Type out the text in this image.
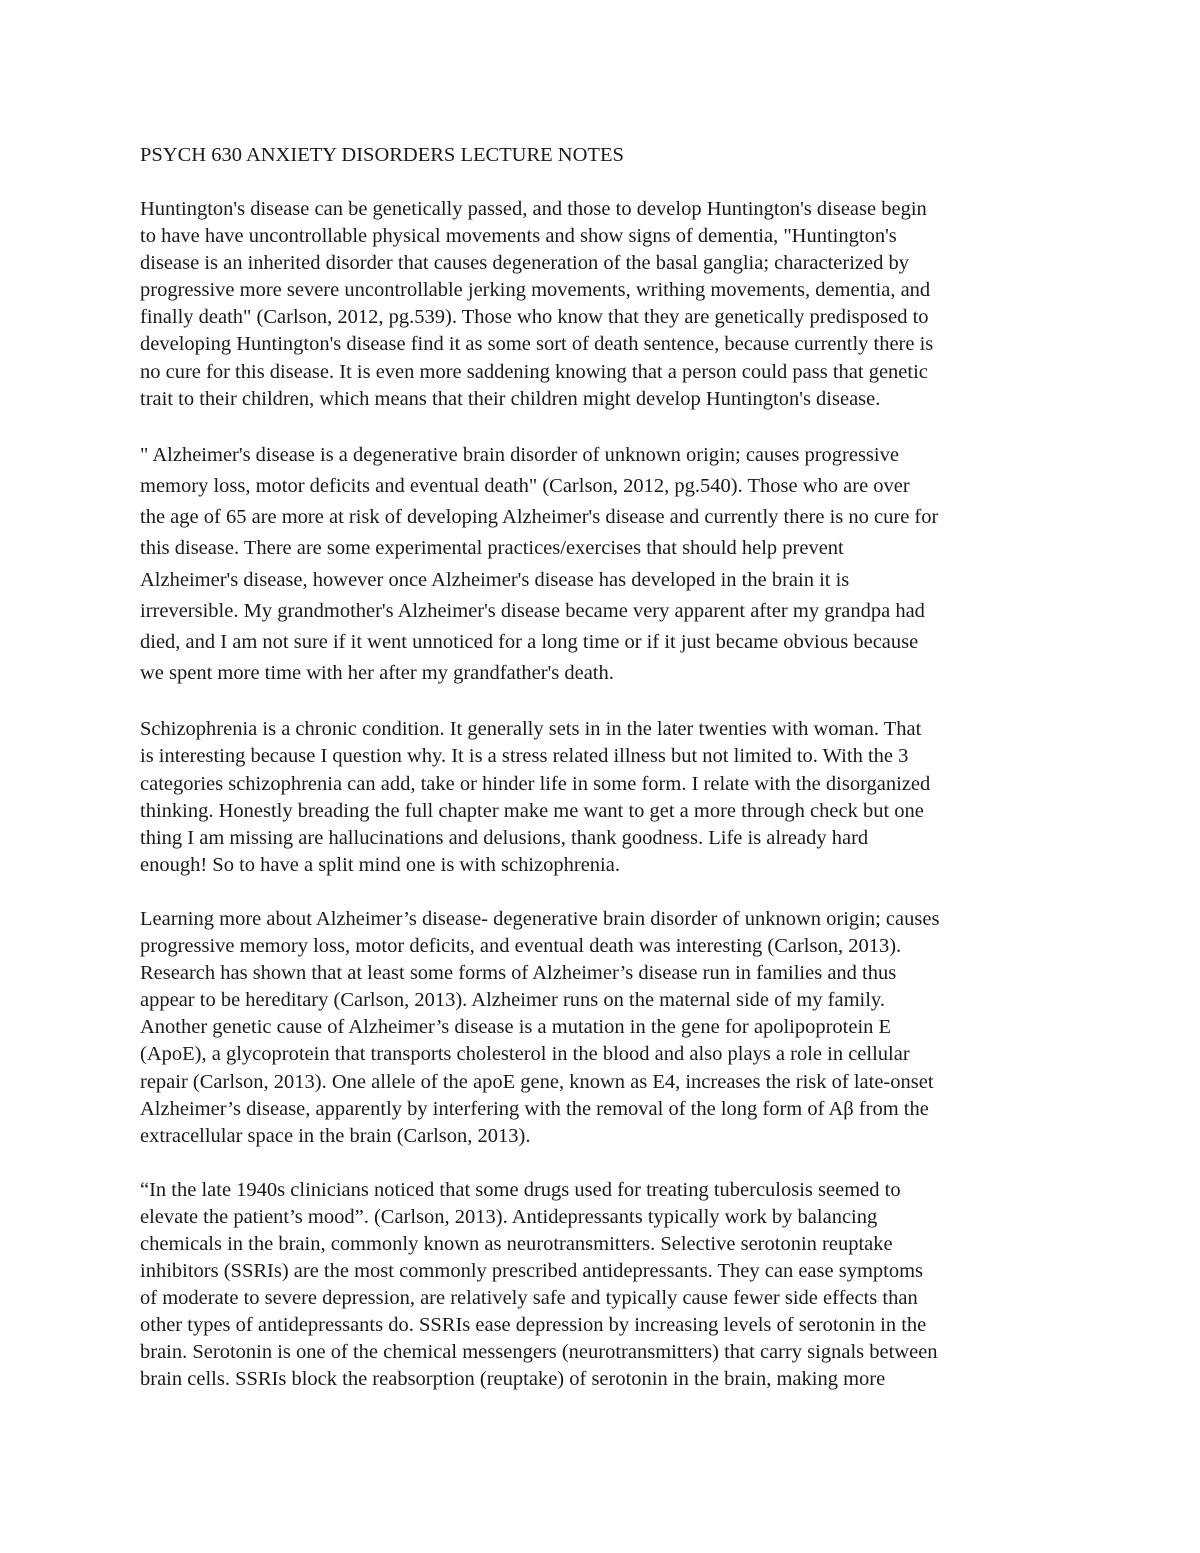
PSYCH 630 ANXIETY DISORDERS LECTURE NOTES
Huntington's disease can be genetically passed, and those to develop Huntington's disease begin
to have have uncontrollable physical movements and show signs of dementia, "Huntington's
disease is an inherited disorder that causes degeneration of the basal ganglia; characterized by
progressive more severe uncontrollable jerking movements, writhing movements, dementia, and
finally death" (Carlson, 2012, pg.539). Those who know that they are genetically predisposed to
developing Huntington's disease find it as some sort of death sentence, because currently there is
no cure for this disease. It is even more saddening knowing that a person could pass that genetic
trait to their children, which means that their children might develop Huntington's disease.
" Alzheimer's disease is a degenerative brain disorder of unknown origin; causes progressive
memory loss, motor deficits and eventual death" (Carlson, 2012, pg.540). Those who are over
the age of 65 are more at risk of developing Alzheimer's disease and currently there is no cure for
this disease. There are some experimental practices/exercises that should help prevent
Alzheimer's disease, however once Alzheimer's disease has developed in the brain it is
irreversible. My grandmother's Alzheimer's disease became very apparent after my grandpa had
died, and I am not sure if it went unnoticed for a long time or if it just became obvious because
we spent more time with her after my grandfather's death.
Schizophrenia is a chronic condition. It generally sets in in the later twenties with woman. That
is interesting because I question why. It is a stress related illness but not limited to. With the 3
categories schizophrenia can add, take or hinder life in some form. I relate with the disorganized
thinking. Honestly breading the full chapter make me want to get a more through check but one
thing I am missing are hallucinations and delusions, thank goodness. Life is already hard
enough! So to have a split mind one is with schizophrenia.
Learning more about Alzheimer’s disease- degenerative brain disorder of unknown origin; causes
progressive memory loss, motor deficits, and eventual death was interesting (Carlson, 2013).
Research has shown that at least some forms of Alzheimer’s disease run in families and thus
appear to be hereditary (Carlson, 2013). Alzheimer runs on the maternal side of my family.
Another genetic cause of Alzheimer’s disease is a mutation in the gene for apolipoprotein E
(ApoE), a glycoprotein that transports cholesterol in the blood and also plays a role in cellular
repair (Carlson, 2013). One allele of the apoE gene, known as E4, increases the risk of late-onset
Alzheimer’s disease, apparently by interfering with the removal of the long form of Aβ from the
extracellular space in the brain (Carlson, 2013).
“In the late 1940s clinicians noticed that some drugs used for treating tuberculosis seemed to
elevate the patient’s mood”. (Carlson, 2013). Antidepressants typically work by balancing
chemicals in the brain, commonly known as neurotransmitters. Selective serotonin reuptake
inhibitors (SSRIs) are the most commonly prescribed antidepressants. They can ease symptoms
of moderate to severe depression, are relatively safe and typically cause fewer side effects than
other types of antidepressants do. SSRIs ease depression by increasing levels of serotonin in the
brain. Serotonin is one of the chemical messengers (neurotransmitters) that carry signals between
brain cells. SSRIs block the reabsorption (reuptake) of serotonin in the brain, making more
